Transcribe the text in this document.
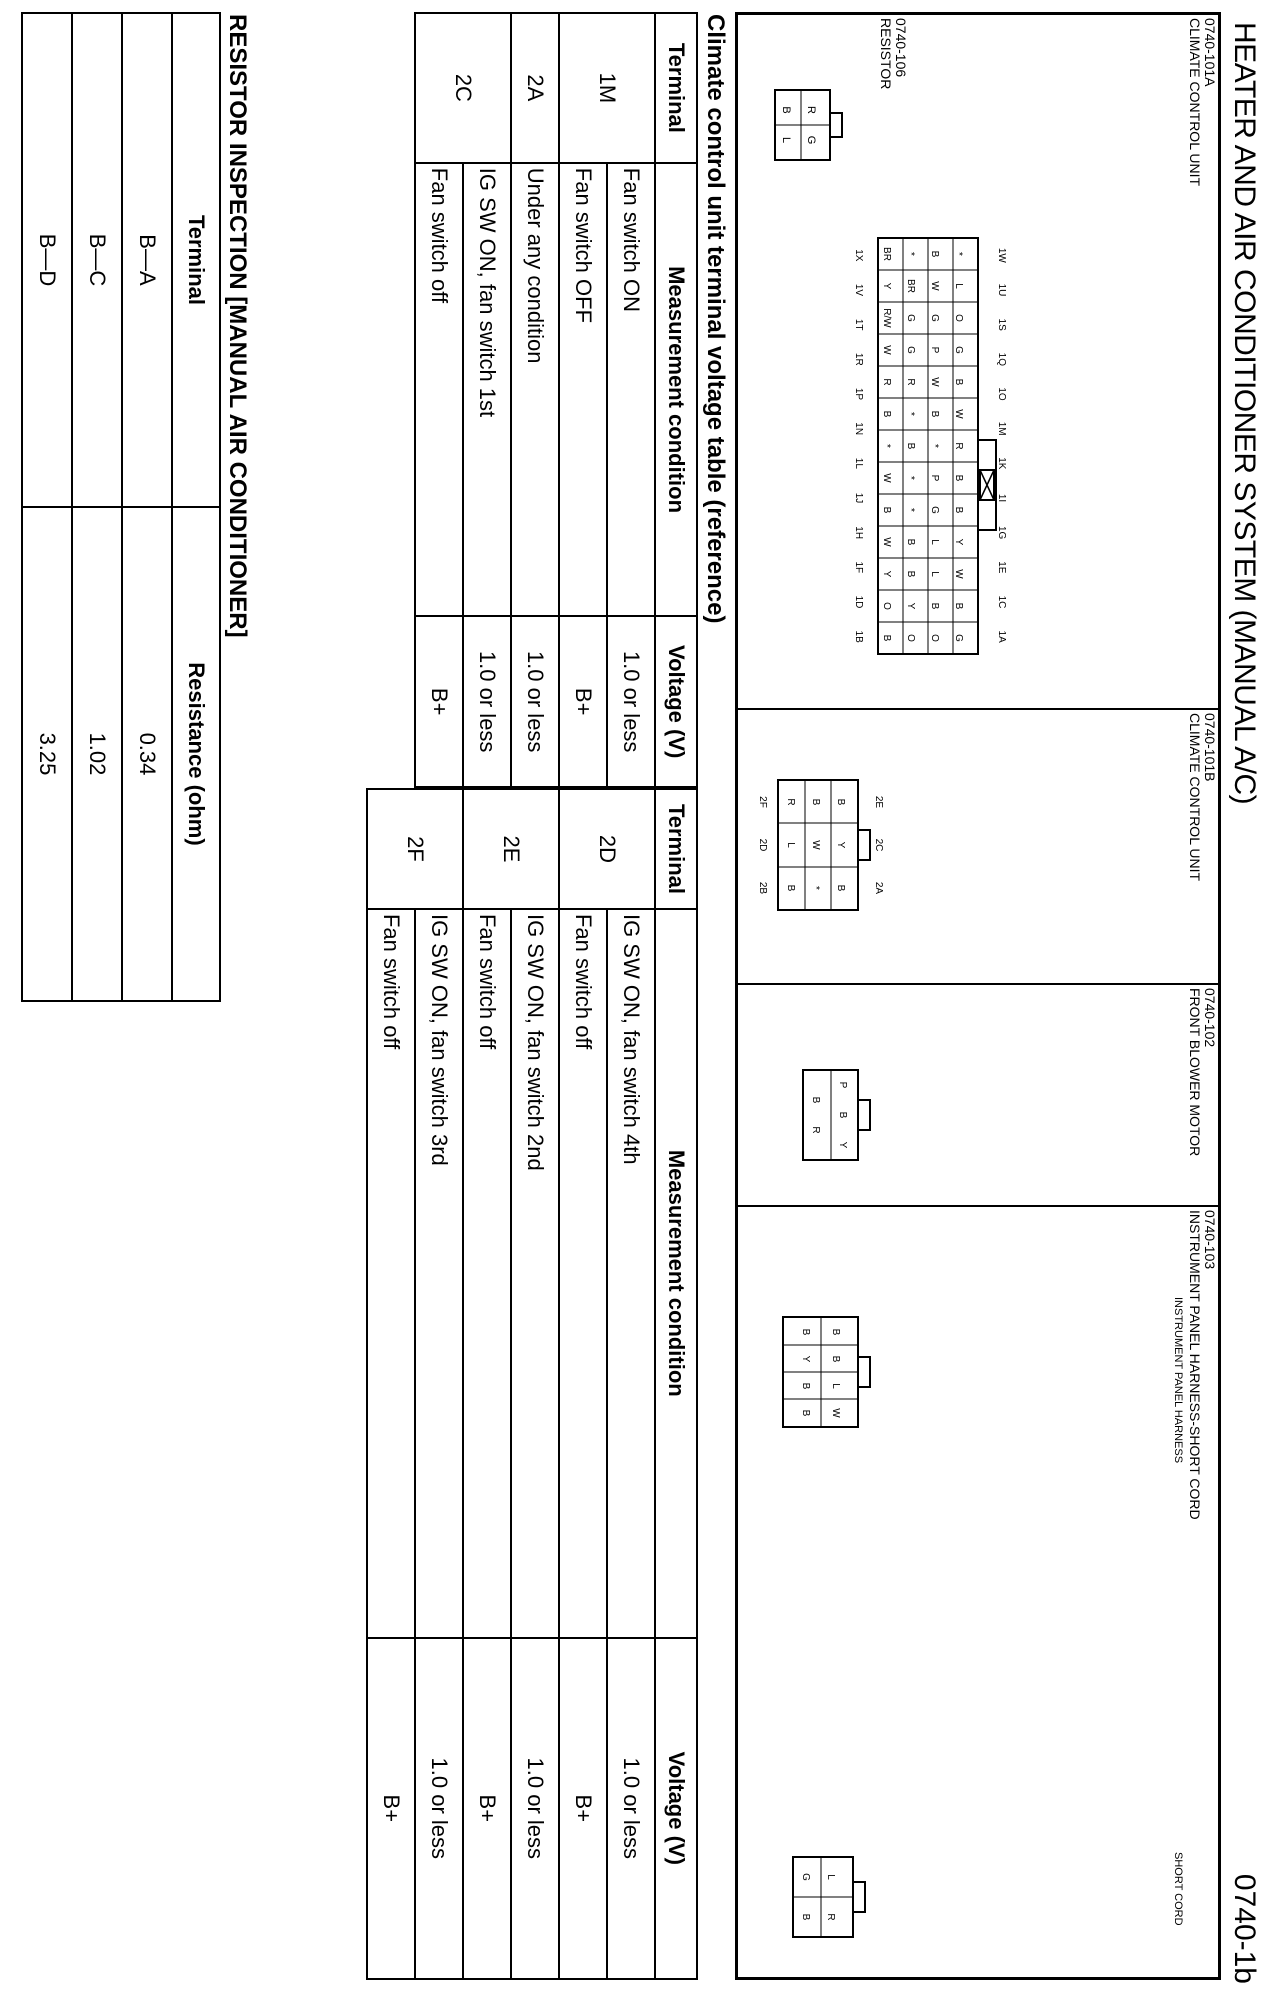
HEATER AND AIR CONDITIONER SYSTEM (MANUAL A/C)
0740-1b
0740-101A
CLIMATE CONTROL UNIT
1W
1U
1S
1Q
1O
1M
1K
1I
1G
1E
1C
1A
1X
1V
1T
1R
1P
1N
1L
1J
1H
1F
1D
1B
*
L
O
G
B
W
R
B
B
Y
W
B
G
B
W
G
P
W
B
*
P
G
L
L
B
O
*
BR
G
G
R
*
B
*
*
B
B
Y
O
BR
Y
R/W
W
R
B
*
W
B
W
Y
O
B
0740-106
RESISTOR
R
G
B
L
0740-101B
CLIMATE CONTROL UNIT
2E
2C
2A
2F
2D
2B
B
Y
B
B
W
*
R
L
B
0740-102
FRONT BLOWER MOTOR
P
B
Y
B
R
0740-103
INSTRUMENT PANEL HARNESS-SHORT CORD
INSTRUMENT PANEL HARNESS
SHORT CORD
B
B
L
W
B
Y
B
B
L
R
G
B
Climate control unit terminal voltage table (reference)
Terminal	Measurement condition	Voltage (V)
1M	Fan switch ON	1.0 or less
	Fan switch OFF	B+
2A	Under any condition	1.0 or less
2C	IG SW ON, fan switch 1st	1.0 or less
	Fan switch off	B+
Terminal	Measurement condition	Voltage (V)
2D	IG SW ON, fan switch 4th	1.0 or less
	Fan switch off	B+
2E	IG SW ON, fan switch 2nd	1.0 or less
	Fan switch off	B+
2F	IG SW ON, fan switch 3rd	1.0 or less
	Fan switch off	B+
RESISTOR INSPECTION [MANUAL AIR CONDITIONER]
Terminal	Resistance (ohm)
B—A	0.34
B—C	1.02
B—D	3.25
